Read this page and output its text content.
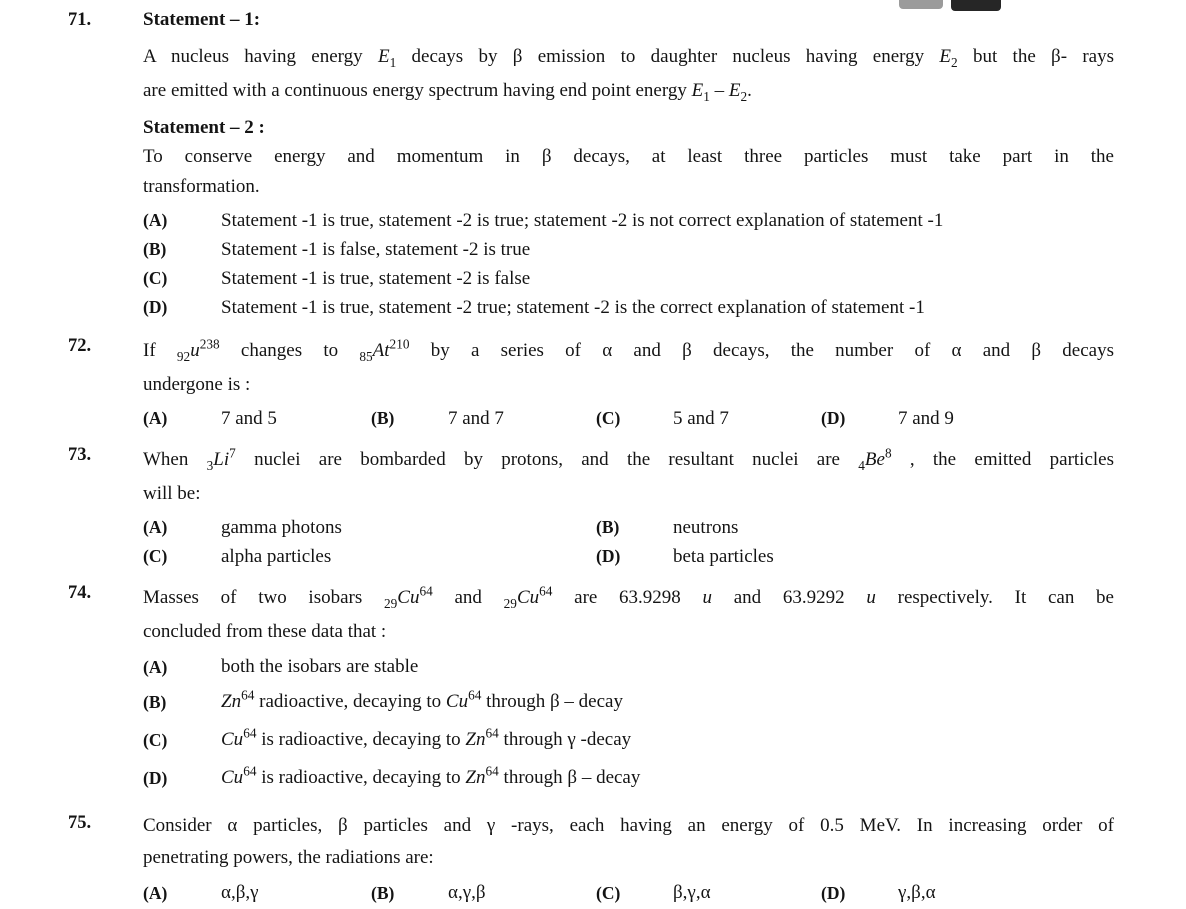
71.	Statement – 1:
A nucleus having energy $E_1$ decays by β emission to daughter nucleus having energy $E_2$ but the β- rays
are emitted with a continuous energy spectrum having end point energy $E_1 - E_2$.
Statement – 2 :
To conserve energy and momentum in β decays, at least three particles must take part in the
transformation.
(A)	Statement -1 is true, statement -2 is true; statement -2 is not correct explanation of statement -1
(B)	Statement -1 is false, statement -2 is true
(C)	Statement -1 is true, statement -2 is false
(D)	Statement -1 is true, statement -2 true; statement -2 is the correct explanation of statement -1
72.	If $_{92}u^{238}$ changes to $_{85}At^{210}$ by a series of α and β decays, the number of α and β decays
undergone is :
(A)	7 and 5	(B)	7 and 7	(C)	5 and 7	(D)	7 and 9
73.	When $_3Li^7$ nuclei are bombarded by protons, and the resultant nuclei are $_4Be^8$ , the emitted particles
will be:
(A)	gamma photons	(B)	neutrons
(C)	alpha particles	(D)	beta particles
74.	Masses of two isobars $_{29}Cu^{64}$ and $_{29}Cu^{64}$ are 63.9298 u and 63.9292 u respectively. It can be
concluded from these data that :
(A)	both the isobars are stable
(B)	Zn$^{64}$ radioactive, decaying to Cu$^{64}$ through β – decay
(C)	Cu$^{64}$ is radioactive, decaying to Zn$^{64}$ through γ -decay
(D)	Cu$^{64}$ is radioactive, decaying to Zn$^{64}$ through β – decay
75.	Consider α particles, β particles and γ -rays, each having an energy of 0.5 MeV. In increasing order of
penetrating powers, the radiations are:
(A)	α,β,γ	(B)	α,γ,β	(C)	β,γ,α	(D)	γ,β,α
